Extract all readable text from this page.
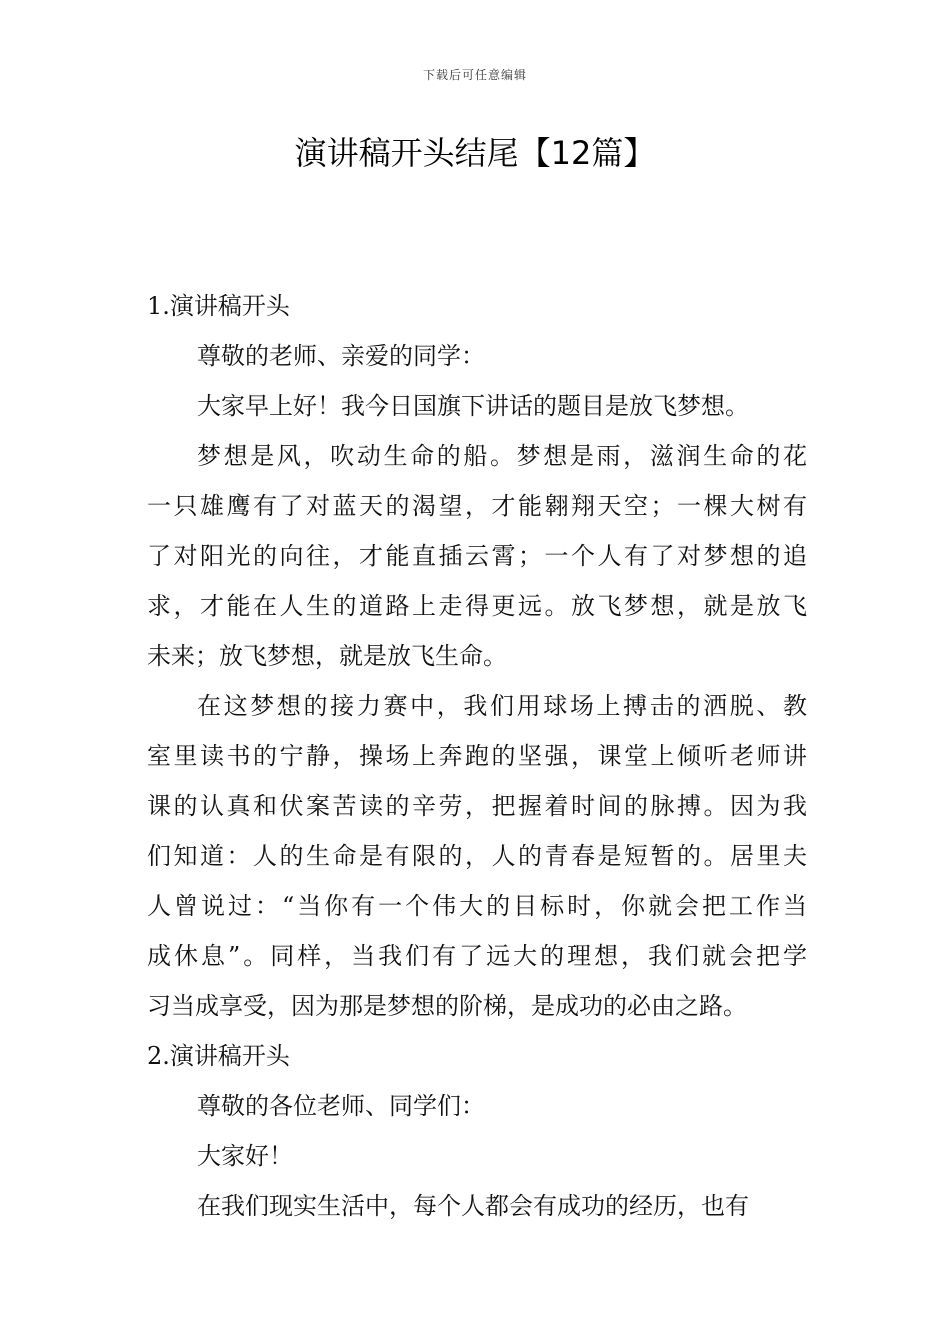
下载后可任意编辑
演讲稿开头结尾【12篇】
1.演讲稿开头
尊敬的老师、亲爱的同学：
大家早上好！我今日国旗下讲话的题目是放飞梦想。
梦想是风，吹动生命的船。梦想是雨，滋润生命的花
一只雄鹰有了对蓝天的渴望，才能翱翔天空；一棵大树有
了对阳光的向往，才能直插云霄；一个人有了对梦想的追
求，才能在人生的道路上走得更远。放飞梦想，就是放飞
未来；放飞梦想，就是放飞生命。
在这梦想的接力赛中，我们用球场上搏击的洒脱、教
室里读书的宁静，操场上奔跑的坚强，课堂上倾听老师讲
课的认真和伏案苦读的辛劳，把握着时间的脉搏。因为我
们知道：人的生命是有限的，人的青春是短暂的。居里夫
人曾说过：“当你有一个伟大的目标时，你就会把工作当
成休息”。同样，当我们有了远大的理想，我们就会把学
习当成享受，因为那是梦想的阶梯，是成功的必由之路。
2.演讲稿开头
尊敬的各位老师、同学们：
大家好！
在我们现实生活中，每个人都会有成功的经历，也有
